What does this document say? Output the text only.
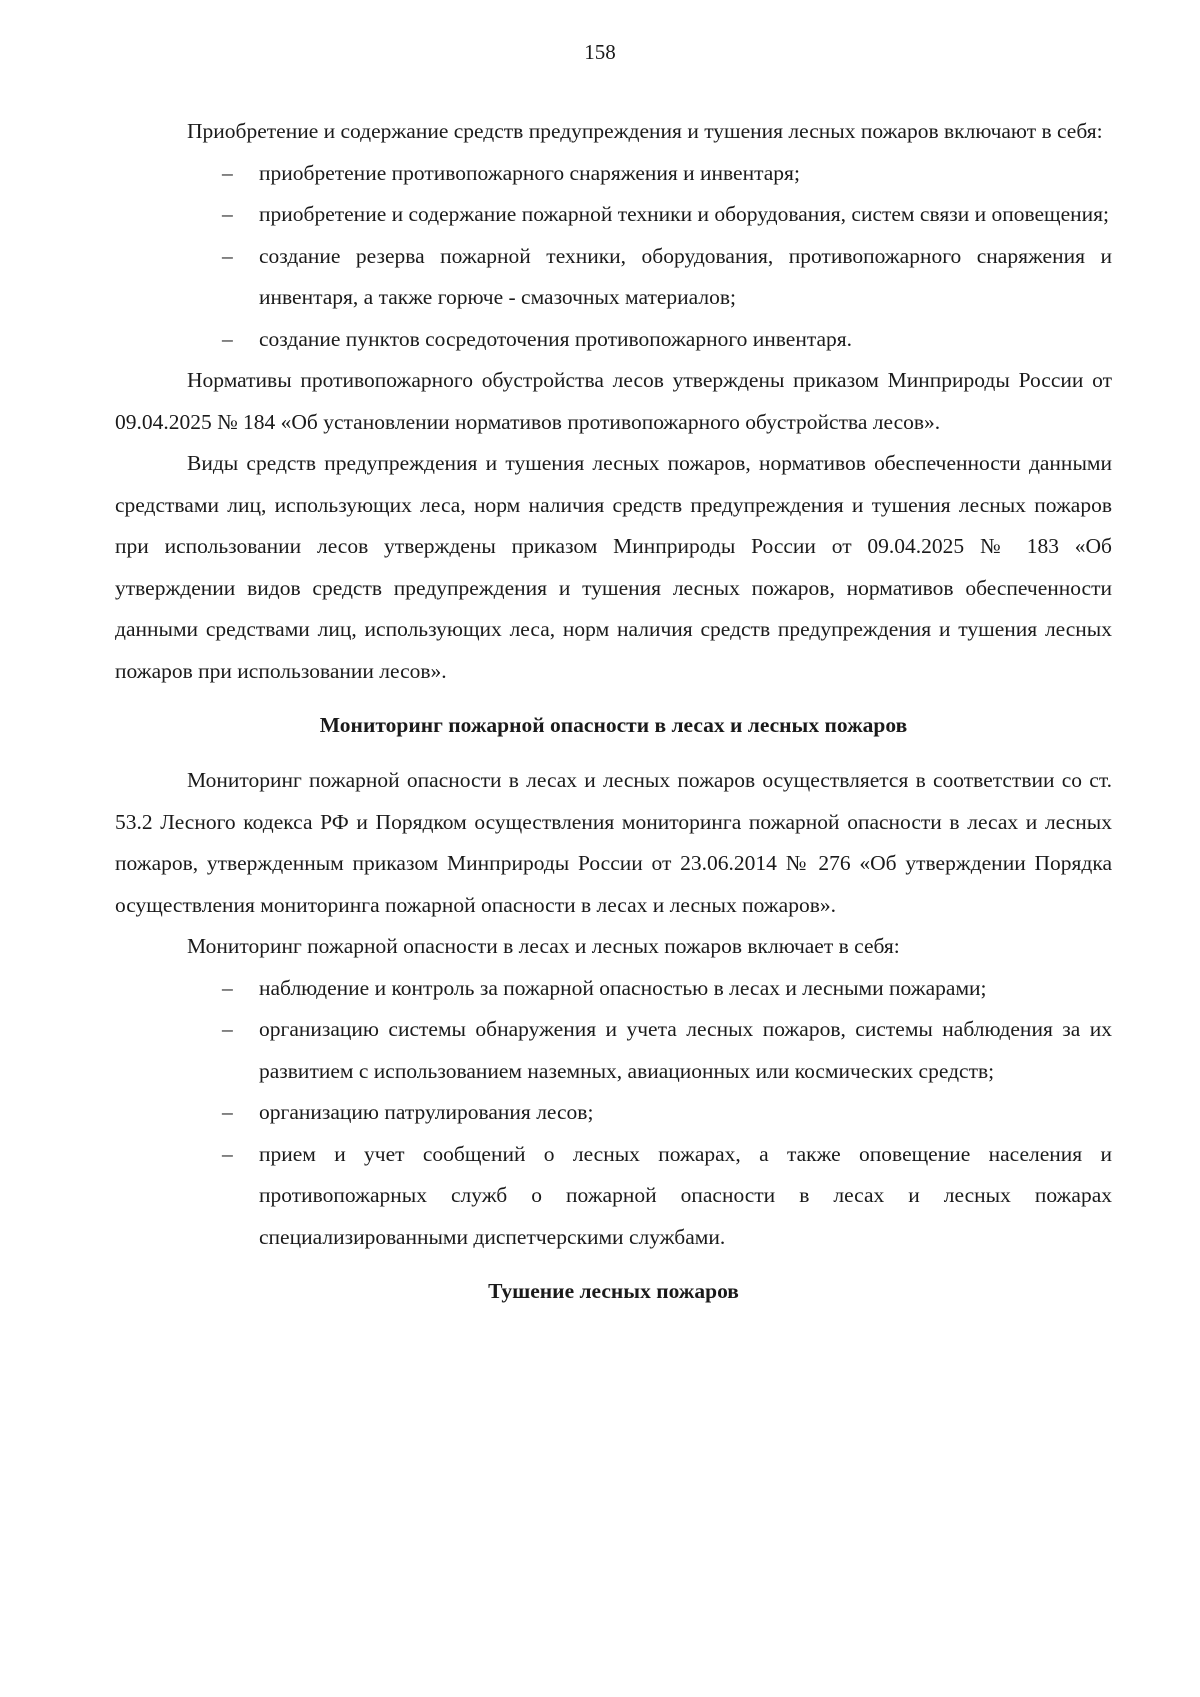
158

Приобретение и содержание средств предупреждения и тушения лесных пожаров включают в себя:

– приобретение противопожарного снаряжения и инвентаря;
– приобретение и содержание пожарной техники и оборудования, систем связи и оповещения;
– создание резерва пожарной техники, оборудования, противопожарного снаряжения и инвентаря, а также горюче - смазочных материалов;
– создание пунктов сосредоточения противопожарного инвентаря.

Нормативы противопожарного обустройства лесов утверждены приказом Минприроды России от 09.04.2025 № 184 «Об установлении нормативов противопожарного обустройства лесов».

Виды средств предупреждения и тушения лесных пожаров, нормативов обеспеченности данными средствами лиц, использующих леса, норм наличия средств предупреждения и тушения лесных пожаров при использовании лесов утверждены приказом Минприроды России от 09.04.2025 № 183 «Об утверждении видов средств предупреждения и тушения лесных пожаров, нормативов обеспеченности данными средствами лиц, использующих леса, норм наличия средств предупреждения и тушения лесных пожаров при использовании лесов».

Мониторинг пожарной опасности в лесах и лесных пожаров

Мониторинг пожарной опасности в лесах и лесных пожаров осуществляется в соответствии со ст. 53.2 Лесного кодекса РФ и Порядком осуществления мониторинга пожарной опасности в лесах и лесных пожаров, утвержденным приказом Минприроды России от 23.06.2014 № 276 «Об утверждении Порядка осуществления мониторинга пожарной опасности в лесах и лесных пожаров».

Мониторинг пожарной опасности в лесах и лесных пожаров включает в себя:

– наблюдение и контроль за пожарной опасностью в лесах и лесными пожарами;
– организацию системы обнаружения и учета лесных пожаров, системы наблюдения за их развитием с использованием наземных, авиационных или космических средств;
– организацию патрулирования лесов;
– прием и учет сообщений о лесных пожарах, а также оповещение населения и противопожарных служб о пожарной опасности в лесах и лесных пожарах специализированными диспетчерскими службами.
Тушение лесных пожаров
